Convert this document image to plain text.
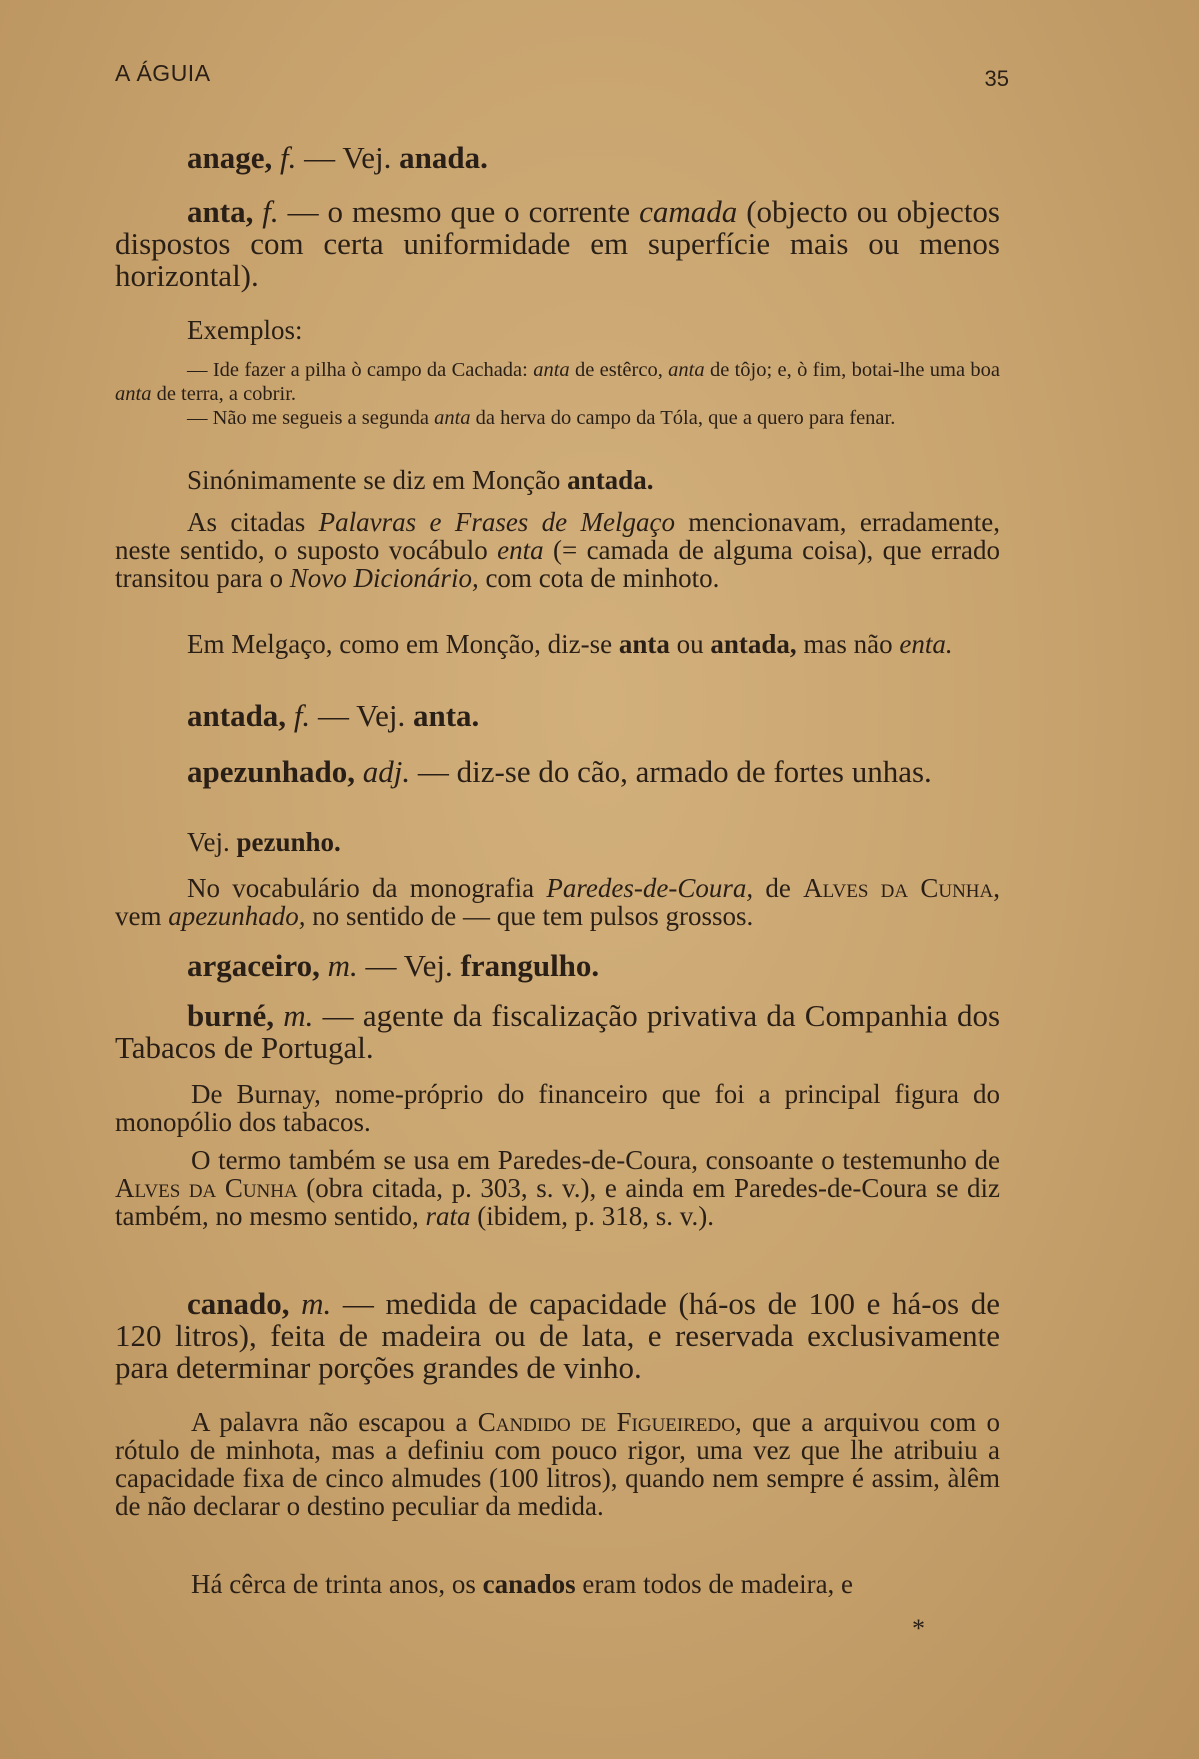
A ÁGUIA	35

anage, f. — Vej. anada.

anta, f. — o mesmo que o corrente camada (objecto ou objectos dispostos com certa uniformidade em superfície mais ou menos horizontal).

Exemplos:

— Ide fazer a pilha ò campo da Cachada: anta de estêrco, anta de tôjo; e, ò fim, botai-lhe uma boa anta de terra, a cobrir.

— Não me segueis a segunda anta da herva do campo da Tóla, que a quero para fenar.

Sinónimamente se diz em Monção antada.

As citadas Palavras e Frases de Melgaço mencionavam, erradamente, neste sentido, o suposto vocábulo enta (= camada de alguma coisa), que errado transitou para o Novo Dicionário, com cota de minhoto.

Em Melgaço, como em Monção, diz-se anta ou antada, mas não enta.

antada, f. — Vej. anta.

apezunhado, adj. — diz-se do cão, armado de fortes unhas.

Vej. pezunho.

No vocabulário da monografia Paredes-de-Coura, de Alves da Cunha, vem apezunhado, no sentido de — que tem pulsos grossos.

argaceiro, m. — Vej. frangulho.

burné, m. — agente da fiscalização privativa da Companhia dos Tabacos de Portugal.

De Burnay, nome-próprio do financeiro que foi a principal figura do monopólio dos tabacos.

O termo também se usa em Paredes-de-Coura, consoante o testemunho de Alves da Cunha (obra citada, p. 303, s. v.), e ainda em Paredes-de-Coura se diz também, no mesmo sentido, rata (ibidem, p. 318, s. v.).

canado, m. — medida de capacidade (há-os de 100 e há-os de 120 litros), feita de madeira ou de lata, e reservada exclusivamente para determinar porções grandes de vinho.

A palavra não escapou a Candido de Figueiredo, que a arquivou com o rótulo de minhota, mas a definiu com pouco rigor, uma vez que lhe atribuiu a capacidade fixa de cinco almudes (100 litros), quando nem sempre é assim, àlêm de não declarar o destino peculiar da medida.

Há cêrca de trinta anos, os canados eram todos de madeira, e

*
